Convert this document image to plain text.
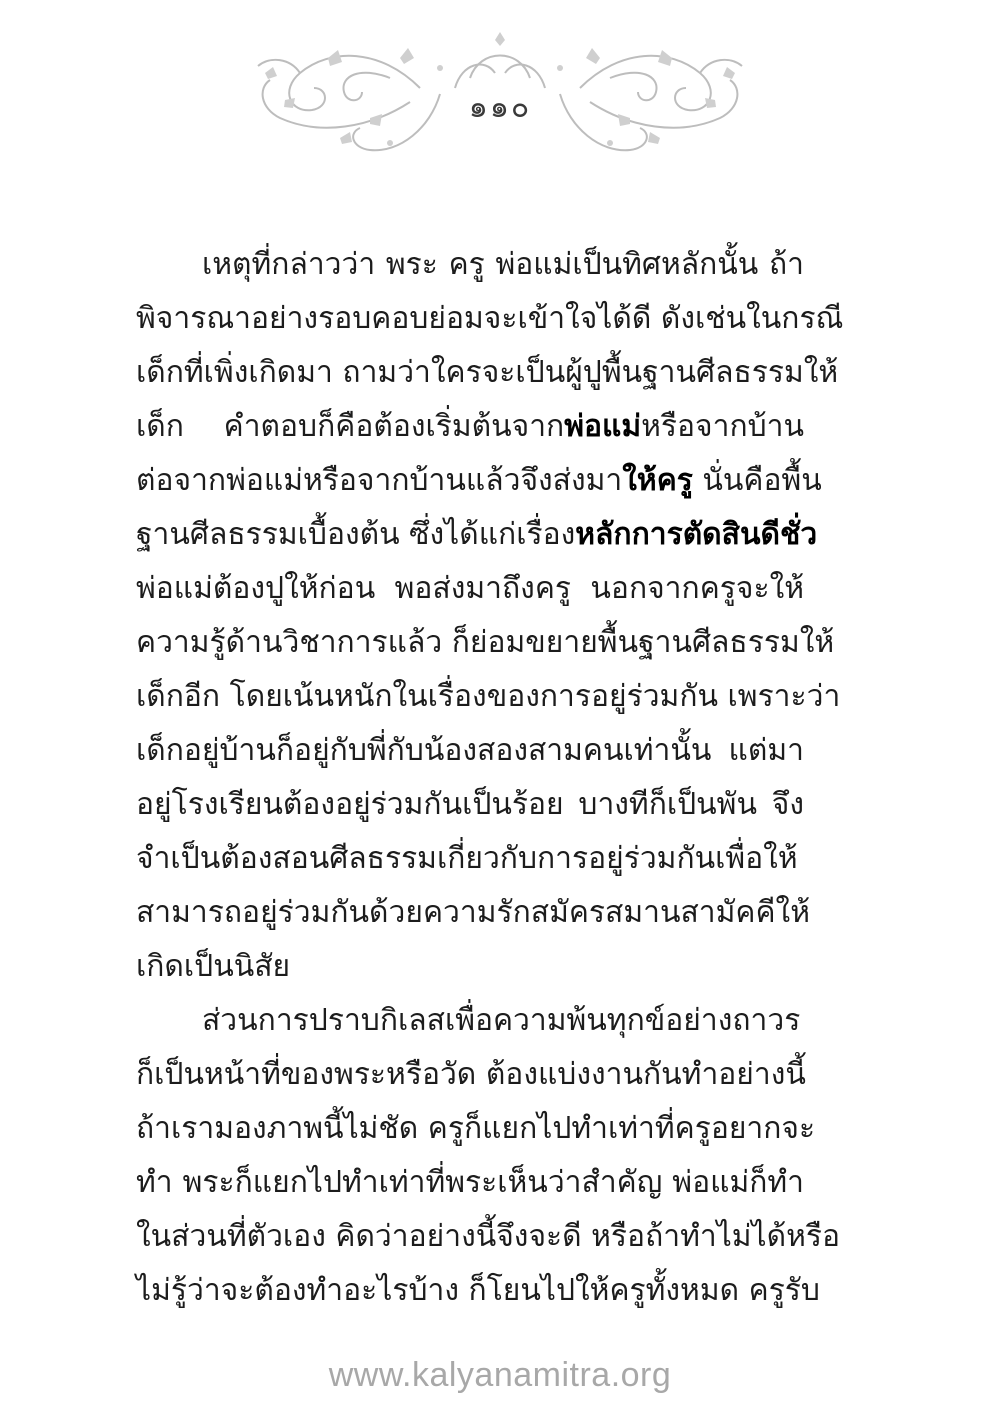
๑๑๐
เหตุที่กล่าวว่า พระ ครู พ่อแม่เป็นทิศหลักนั้น ถ้า
พิจารณาอย่างรอบคอบย่อมจะเข้าใจได้ดี ดังเช่นในกรณี
เด็กที่เพิ่งเกิดมา ถามว่าใครจะเป็นผู้ปูพื้นฐานศีลธรรมให้
เด็ก คำตอบก็คือต้องเริ่มต้นจากพ่อแม่หรือจากบ้าน
ต่อจากพ่อแม่หรือจากบ้านแล้วจึงส่งมาให้ครู นั่นคือพื้น
ฐานศีลธรรมเบื้องต้น ซึ่งได้แก่เรื่องหลักการตัดสินดีชั่ว
พ่อแม่ต้องปูให้ก่อน พอส่งมาถึงครู นอกจากครูจะให้
ความรู้ด้านวิชาการแล้ว ก็ย่อมขยายพื้นฐานศีลธรรมให้
เด็กอีก โดยเน้นหนักในเรื่องของการอยู่ร่วมกัน เพราะว่า
เด็กอยู่บ้านก็อยู่กับพี่กับน้องสองสามคนเท่านั้น แต่มา
อยู่โรงเรียนต้องอยู่ร่วมกันเป็นร้อย บางทีก็เป็นพัน จึง
จำเป็นต้องสอนศีลธรรมเกี่ยวกับการอยู่ร่วมกันเพื่อให้
สามารถอยู่ร่วมกันด้วยความรักสมัครสมานสามัคคีให้
เกิดเป็นนิสัย
ส่วนการปราบกิเลสเพื่อความพ้นทุกข์อย่างถาวร
ก็เป็นหน้าที่ของพระหรือวัด ต้องแบ่งงานกันทำอย่างนี้
ถ้าเรามองภาพนี้ไม่ชัด ครูก็แยกไปทำเท่าที่ครูอยากจะ
ทำ พระก็แยกไปทำเท่าที่พระเห็นว่าสำคัญ พ่อแม่ก็ทำ
ในส่วนที่ตัวเอง คิดว่าอย่างนี้จึงจะดี หรือถ้าทำไม่ได้หรือ
ไม่รู้ว่าจะต้องทำอะไรบ้าง ก็โยนไปให้ครูทั้งหมด ครูรับ
www.kalyanamitra.org
